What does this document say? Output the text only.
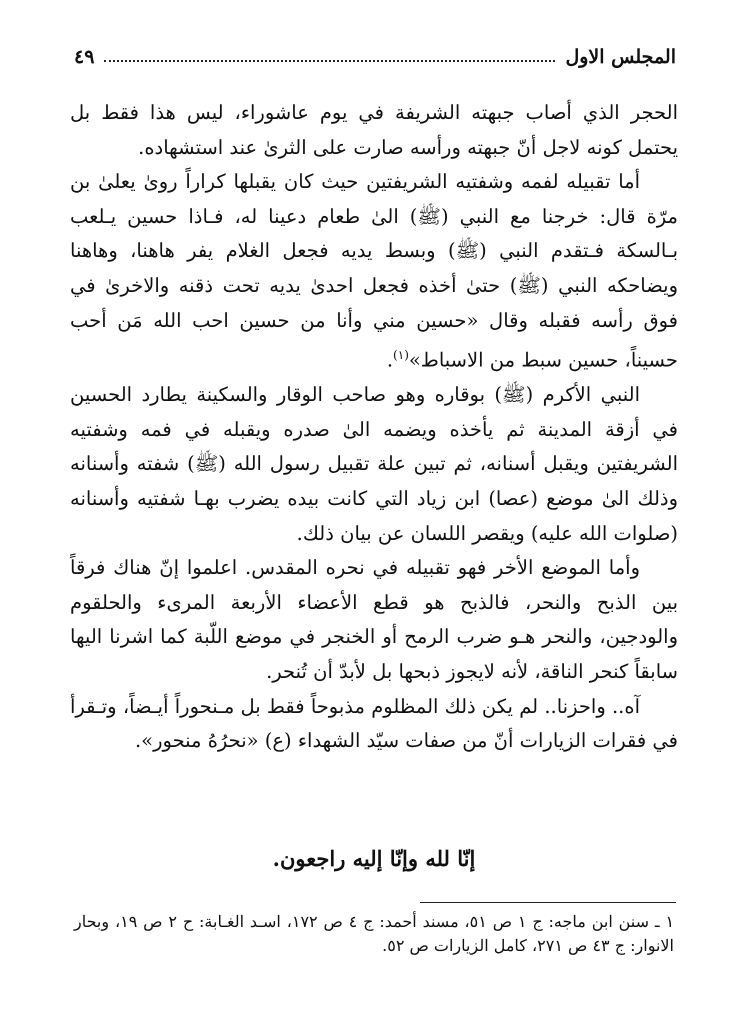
المجلس الاول
٤٩

الحجر الذي أصاب جبهته الشريفة في يوم عاشوراء، ليس هذا فقط بل يحتمل كونه لاجل أنّ جبهته ورأسه صارت على الثرىٰ عند استشهاده.

أما تقبيله لفمه وشفتيه الشريفتين حيث كان يقبلها كراراً روىٰ يعلىٰ بن مرّة قال: خرجنا مع النبي (ﷺ) الىٰ طعام دعينا له، فـاذا حسين يـلعب بـالسكة فـتقدم النبي (ﷺ) وبسط يديه فجعل الغلام يفر هاهنا، وهاهنا ويضاحكه النبي (ﷺ) حتىٰ أخذه فجعل احدىٰ يديه تحت ذقنه والاخرىٰ في فوق رأسه فقبله وقال «حسين مني وأنا من حسين احب الله مَن أحب حسيناً، حسين سبط من الاسباط»$^{(١)}$.

النبي الأكرم (ﷺ) بوقاره وهو صاحب الوقار والسكينة يطارد الحسين في أزقة المدينة ثم يأخذه ويضمه الىٰ صدره ويقبله في فمه وشفتيه الشريفتين ويقبل أسنانه، ثم تبين علة تقبيل رسول الله (ﷺ) شفته وأسنانه وذلك الىٰ موضع (عصا) ابن زياد التي كانت بيده يضرب بهـا شفتيه وأسنانه (صلوات الله عليه) ويقصر اللسان عن بيان ذلك.

وأما الموضع الأخر فهو تقبيله في نحره المقدس. اعلموا إنّ هناك فرقاً بين الذبح والنحر، فالذبح هو قطع الأعضاء الأربعة المرىء والحلقوم والودجين، والنحر هـو ضرب الرمح أو الخنجر في موضع اللّبة كما اشرنا اليها سابقاً كنحر الناقة، لأنه لايجوز ذبحها بل لأبدّ أن تُنحر.

آه.. واحزنا.. لم يكن ذلك المظلوم مذبوحاً فقط بل مـنحوراً أيـضاً، وتـقرأ في فقرات الزيارات أنّ من صفات سيّد الشهداء (ع) «نحرُهُ منحور».

إنّا لله وإنّا إليه راجعون.

١ ـ سنن ابن ماجه: ج ١ ص ٥١، مسند أحمد: ج ٤ ص ١٧٢، اسـد الغـابة: ح ٢ ص ١٩، وبحار الانوار: ج ٤٣ ص ٢٧١، كامل الزيارات ص ٥٢.
